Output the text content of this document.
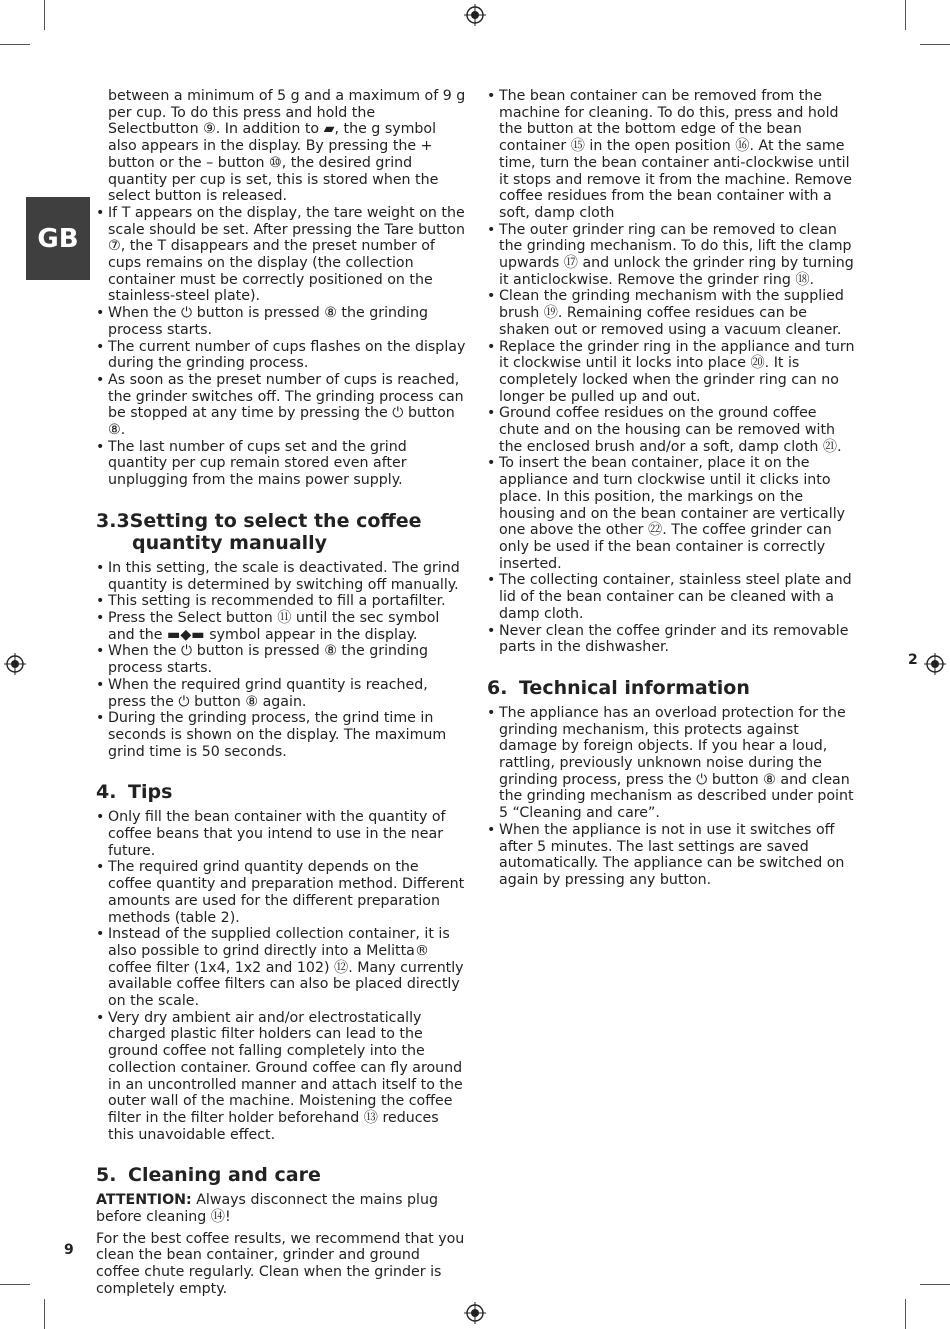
GB

between a minimum of 5 g and a maximum of 9 g per cup. To do this press and hold the Selectbutton ⑨. In addition to ▰, the g symbol also appears in the display. By pressing the + button or the – button ⑩, the desired grind quantity per cup is set, this is stored when the select button is released.

• If T appears on the display, the tare weight on the scale should be set. After pressing the Tare button ⑦, the T disappears and the preset number of cups remains on the display (the collection container must be correctly positioned on the stainless-steel plate).

• When the ⏻ button is pressed ⑧ the grinding process starts.

• The current number of cups flashes on the display during the grinding process.

• As soon as the preset number of cups is reached, the grinder switches off. The grinding process can be stopped at any time by pressing the ⏻ button ⑧.

• The last number of cups set and the grind quantity per cup remain stored even after unplugging from the mains power supply.

3.3Setting to select the coffee
quantity manually

• In this setting, the scale is deactivated. The grind quantity is determined by switching off manually.

• This setting is recommended to fill a portafilter.

• Press the Select button ⑪ until the sec symbol and the ▬◆▬ symbol appear in the display.

• When the ⏻ button is pressed ⑧ the grinding process starts.

• When the required grind quantity is reached, press the ⏻ button ⑧ again.

• During the grinding process, the grind time in seconds is shown on the display. The maximum grind time is 50 seconds.

4. Tips

• Only fill the bean container with the quantity of coffee beans that you intend to use in the near future.

• The required grind quantity depends on the coffee quantity and preparation method. Different amounts are used for the different preparation methods (table 2).

• Instead of the supplied collection container, it is also possible to grind directly into a Melitta® coffee filter (1x4, 1x2 and 102) ⑫. Many currently available coffee filters can also be placed directly on the scale.

• Very dry ambient air and/or electrostatically charged plastic filter holders can lead to the ground coffee not falling completely into the collection container. Ground coffee can fly around in an uncontrolled manner and attach itself to the outer wall of the machine. Moistening the coffee filter in the filter holder beforehand ⑬ reduces this unavoidable effect.

5. Cleaning and care

ATTENTION: Always disconnect the mains plug before cleaning ⑭!

For the best coffee results, we recommend that you clean the bean container, grinder and ground coffee chute regularly. Clean when the grinder is completely empty.

• The bean container can be removed from the machine for cleaning. To do this, press and hold the button at the bottom edge of the bean container ⑮ in the open position ⑯. At the same time, turn the bean container anti-clockwise until it stops and remove it from the machine. Remove coffee residues from the bean container with a soft, damp cloth

• The outer grinder ring can be removed to clean the grinding mechanism. To do this, lift the clamp upwards ⑰ and unlock the grinder ring by turning it anticlockwise. Remove the grinder ring ⑱.

• Clean the grinding mechanism with the supplied brush ⑲. Remaining coffee residues can be shaken out or removed using a vacuum cleaner.

• Replace the grinder ring in the appliance and turn it clockwise until it locks into place ⑳. It is completely locked when the grinder ring can no longer be pulled up and out.

• Ground coffee residues on the ground coffee chute and on the housing can be removed with the enclosed brush and/or a soft, damp cloth ㉑.

• To insert the bean container, place it on the appliance and turn clockwise until it clicks into place. In this position, the markings on the housing and on the bean container are vertically one above the other ㉒. The coffee grinder can only be used if the bean container is correctly inserted.

• The collecting container, stainless steel plate and lid of the bean container can be cleaned with a damp cloth.

• Never clean the coffee grinder and its removable parts in the dishwasher.

6. Technical information

• The appliance has an overload protection for the grinding mechanism, this protects against damage by foreign objects. If you hear a loud, rattling, previously unknown noise during the grinding process, press the ⏻ button ⑧ and clean the grinding mechanism as described under point 5 “Cleaning and care”.

• When the appliance is not in use it switches off after 5 minutes. The last settings are saved automatically. The appliance can be switched on again by pressing any button.

9
2
